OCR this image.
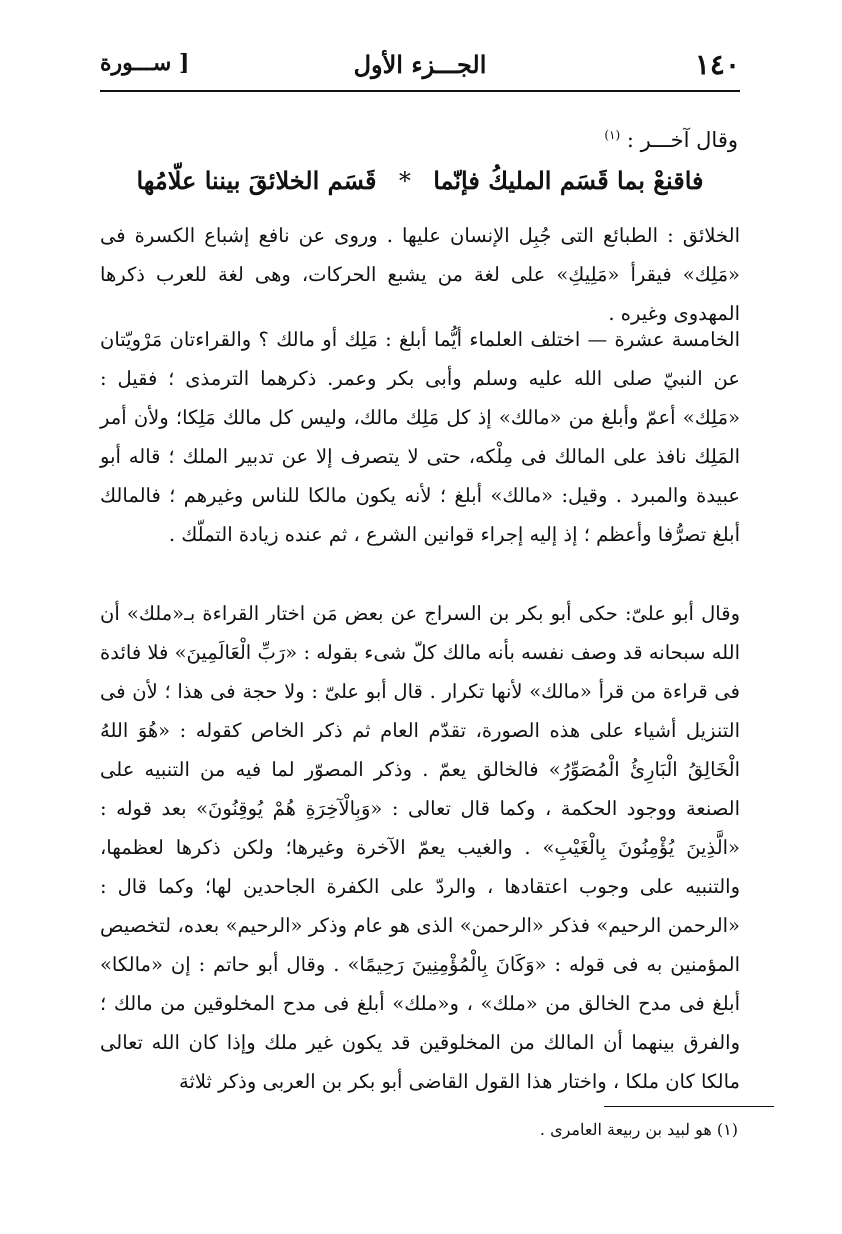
١٤٠
الجـــزء الأول
[ ســـورة
وقال آخـــر : $^{(١)}$
فاقنعْ بما قَسَم المليكُ فإنّما * قَسَم الخلائقَ بيننا علّامُها

الخلائق : الطبائع التى جُبِل الإنسان عليها . وروى عن نافع إشباع الكسرة فى «مَلِك» فيقرأ «مَلِيكِ» على لغة من يشبع الحركات، وهى لغة للعرب ذكرها المهدوى وغيره .

الخامسة عشرة — اختلف العلماء أيُّما أبلغ : مَلِك أو مالك ؟ والقراءتان مَرْويّتان عن النبيّ صلى الله عليه وسلم وأبى بكر وعمر. ذكرهما الترمذى ؛ فقيل : «مَلِك» أعمّ وأبلغ من «مالك» إذ كل مَلِك مالك، وليس كل مالك مَلِكا؛ ولأن أمر المَلِك نافذ على المالك فى مِلْكه، حتى لا يتصرف إلا عن تدبير الملك ؛ قاله أبو عبيدة والمبرد . وقيل: «مالك» أبلغ ؛ لأنه يكون مالكا للناس وغيرهم ؛ فالمالك أبلغ تصرُّفا وأعظم ؛ إذ إليه إجراء قوانين الشرع ، ثم عنده زيادة التملّك .

وقال أبو علىّ: حكى أبو بكر بن السراج عن بعض مَن اختار القراءة بـ«ملك» أن الله سبحانه قد وصف نفسه بأنه مالك كلّ شىء بقوله : «رَبِّ الْعَالَمِينَ» فلا فائدة فى قراءة من قرأ «مالك» لأنها تكرار . قال أبو علىّ : ولا حجة فى هذا ؛ لأن فى التنزيل أشياء على هذه الصورة، تقدّم العام ثم ذكر الخاص كقوله : «هُوَ اللهُ الْخَالِقُ الْبَارِئُ الْمُصَوِّرُ» فالخالق يعمّ . وذكر المصوّر لما فيه من التنبيه على الصنعة ووجود الحكمة ، وكما قال تعالى : «وَبِالْآخِرَةِ هُمْ يُوقِنُونَ» بعد قوله : «الَّذِينَ يُؤْمِنُونَ بِالْغَيْبِ» . والغيب يعمّ الآخرة وغيرها؛ ولكن ذكرها لعظمها، والتنبيه على وجوب اعتقادها ، والردّ على الكفرة الجاحدين لها؛ وكما قال : «الرحمن الرحيم» فذكر «الرحمن» الذى هو عام وذكر «الرحيم» بعده، لتخصيص المؤمنين به فى قوله : «وَكَانَ بِالْمُؤْمِنِينَ رَحِيمًا» . وقال أبو حاتم : إن «مالكا» أبلغ فى مدح الخالق من «ملك» ، و«ملك» أبلغ فى مدح المخلوقين من مالك ؛ والفرق بينهما أن المالك من المخلوقين قد يكون غير ملك وإذا كان الله تعالى مالكا كان ملكا ، واختار هذا القول القاضى أبو بكر بن العربى وذكر ثلاثة

(١) هو لبيد بن ربيعة العامرى .
